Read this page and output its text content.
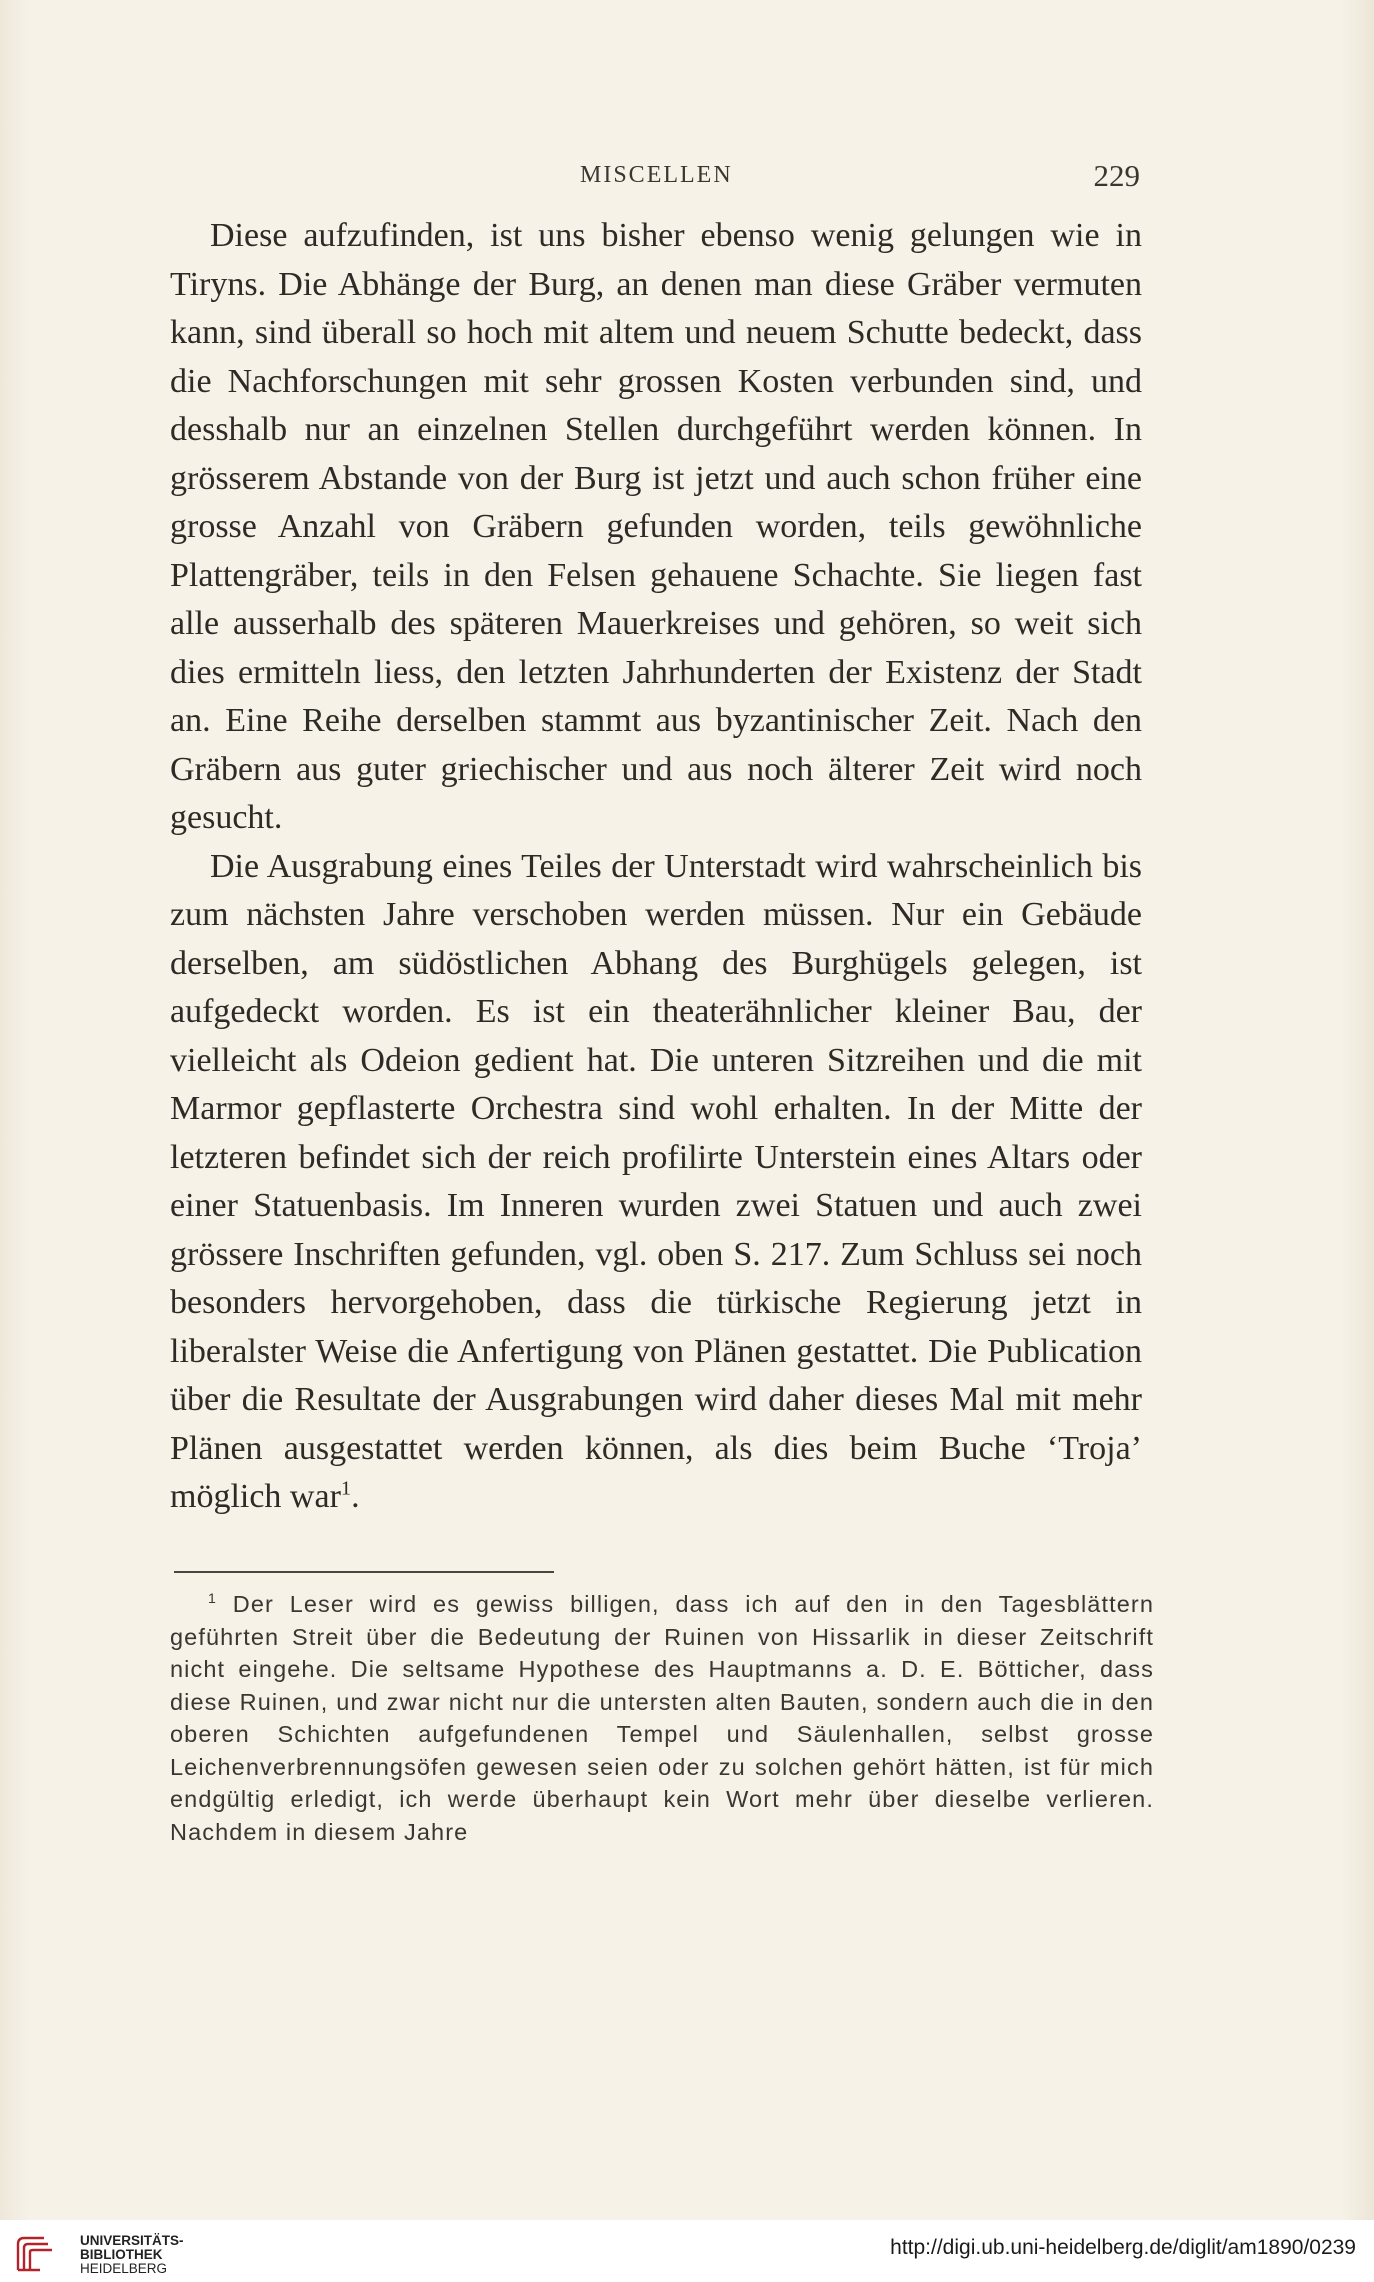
MISCELLEN	229

Diese aufzufinden, ist uns bisher ebenso wenig gelungen wie in Tiryns. Die Abhänge der Burg, an denen man diese Gräber vermuten kann, sind überall so hoch mit altem und neuem Schutte bedeckt, dass die Nachforschungen mit sehr grossen Kosten verbunden sind, und desshalb nur an einzelnen Stellen durchgeführt werden können. In grösserem Abstande von der Burg ist jetzt und auch schon früher eine grosse Anzahl von Gräbern gefunden worden, teils gewöhnliche Plattengräber, teils in den Felsen gehauene Schachte. Sie liegen fast alle ausserhalb des späteren Mauerkreises und gehören, so weit sich dies ermitteln liess, den letzten Jahrhunderten der Existenz der Stadt an. Eine Reihe derselben stammt aus byzantinischer Zeit. Nach den Gräbern aus guter griechischer und aus noch älterer Zeit wird noch gesucht.

Die Ausgrabung eines Teiles der Unterstadt wird wahrscheinlich bis zum nächsten Jahre verschoben werden müssen. Nur ein Gebäude derselben, am südöstlichen Abhang des Burghügels gelegen, ist aufgedeckt worden. Es ist ein theaterähnlicher kleiner Bau, der vielleicht als Odeion gedient hat. Die unteren Sitzreihen und die mit Marmor gepflasterte Orchestra sind wohl erhalten. In der Mitte der letzteren befindet sich der reich profilirte Unterstein eines Altars oder einer Statuenbasis. Im Inneren wurden zwei Statuen und auch zwei grössere Inschriften gefunden, vgl. oben S. 217. Zum Schluss sei noch besonders hervorgehoben, dass die türkische Regierung jetzt in liberalster Weise die Anfertigung von Plänen gestattet. Die Publication über die Resultate der Ausgrabungen wird daher dieses Mal mit mehr Plänen ausgestattet werden können, als dies beim Buche ‘Troja’ möglich war$^1$.

$^1$ Der Leser wird es gewiss billigen, dass ich auf den in den Tagesblättern geführten Streit über die Bedeutung der Ruinen von Hissarlik in dieser Zeitschrift nicht eingehe. Die seltsame Hypothese des Hauptmanns a. D. E. Bötticher, dass diese Ruinen, und zwar nicht nur die untersten alten Bauten, sondern auch die in den oberen Schichten aufgefundenen Tempel und Säulenhallen, selbst grosse Leichenverbrennungsöfen gewesen seien oder zu solchen gehört hätten, ist für mich endgültig erledigt, ich werde überhaupt kein Wort mehr über dieselbe verlieren. Nachdem in diesem Jahre
UNIVERSITÄTS-
BIBLIOTHEK
HEIDELBERG
http://digi.ub.uni-heidelberg.de/diglit/am1890/0239
